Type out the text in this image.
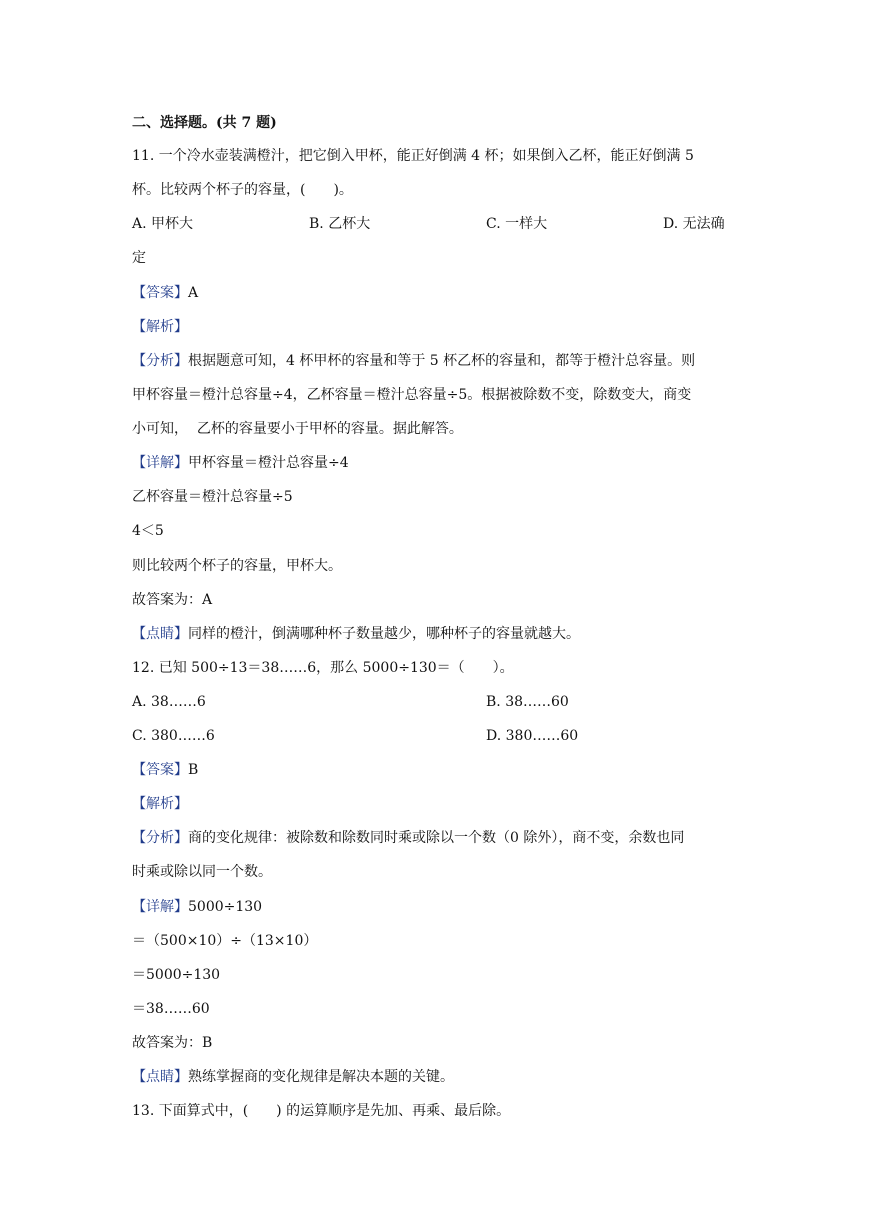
二、选择题。(共 7 题)
11. 一个冷水壶装满橙汁，把它倒入甲杯，能正好倒满 4 杯；如果倒入乙杯，能正好倒满 5
杯。比较两个杯子的容量，(　　)。
A. 甲杯大	B. 乙杯大	C. 一样大	D. 无法确
定
【答案】A
【解析】
【分析】根据题意可知，4 杯甲杯的容量和等于 5 杯乙杯的容量和，都等于橙汁总容量。则
甲杯容量＝橙汁总容量÷4，乙杯容量＝橙汁总容量÷5。根据被除数不变，除数变大，商变
小可知，  乙杯的容量要小于甲杯的容量。据此解答。
【详解】甲杯容量＝橙汁总容量÷4
乙杯容量＝橙汁总容量÷5
4＜5
则比较两个杯子的容量，甲杯大。
故答案为：A
【点睛】同样的橙汁，倒满哪种杯子数量越少，哪种杯子的容量就越大。
12. 已知 500÷13＝38……6，那么 5000÷130＝（　　）。
A. 38……6	B. 38……60
C. 380……6	D. 380……60
【答案】B
【解析】
【分析】商的变化规律：被除数和除数同时乘或除以一个数（0 除外），商不变，余数也同
时乘或除以同一个数。
【详解】5000÷130
＝（500×10）÷（13×10）
＝5000÷130
＝38……60
故答案为：B
【点睛】熟练掌握商的变化规律是解决本题的关键。
13. 下面算式中，(　　) 的运算顺序是先加、再乘、最后除。
